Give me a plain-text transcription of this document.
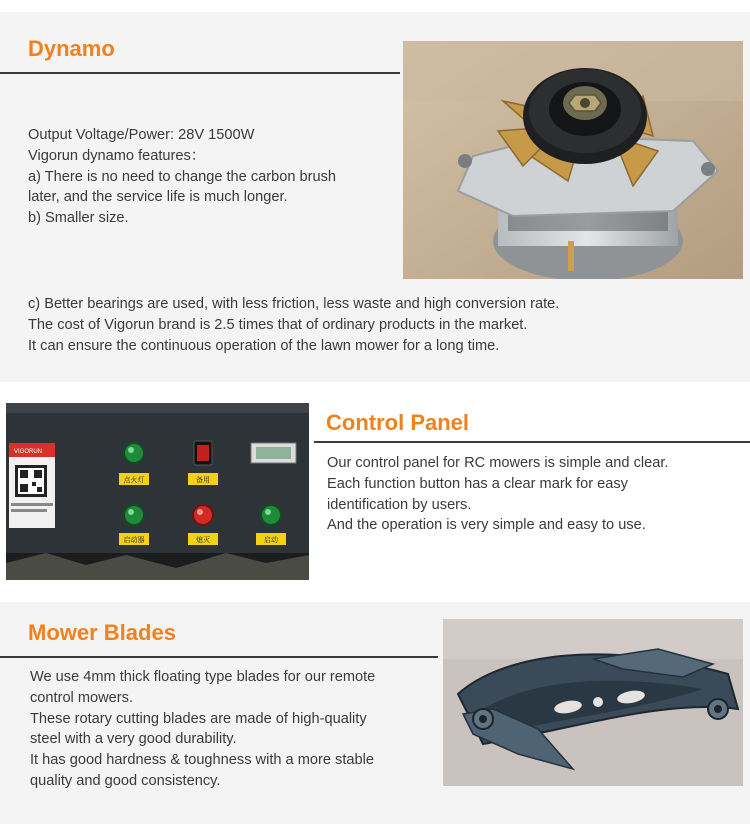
Dynamo
Output Voltage/Power: 28V 1500W
Vigorun dynamo features：
a) There is no need to change the carbon brush
later, and the service life is much longer.
b) Smaller size.
c) Better bearings are used, with less friction, less waste and high conversion rate.
The cost of Vigorun brand is 2.5 times that of ordinary products in the market.
It can ensure the continuous operation of the lawn mower for a long time.
VIGORUN
点火灯	备用
启动器	熄灭	启动
Control Panel
Our control panel for RC mowers is simple and clear.
Each function button has a clear mark for easy
identification by users.
And the operation is very simple and easy to use.
Mower Blades
We use 4mm thick floating type blades for our remote
control mowers.
These rotary cutting blades are made of high-quality
steel with a very good durability.
It has good hardness & toughness with a more stable
quality and good consistency.
